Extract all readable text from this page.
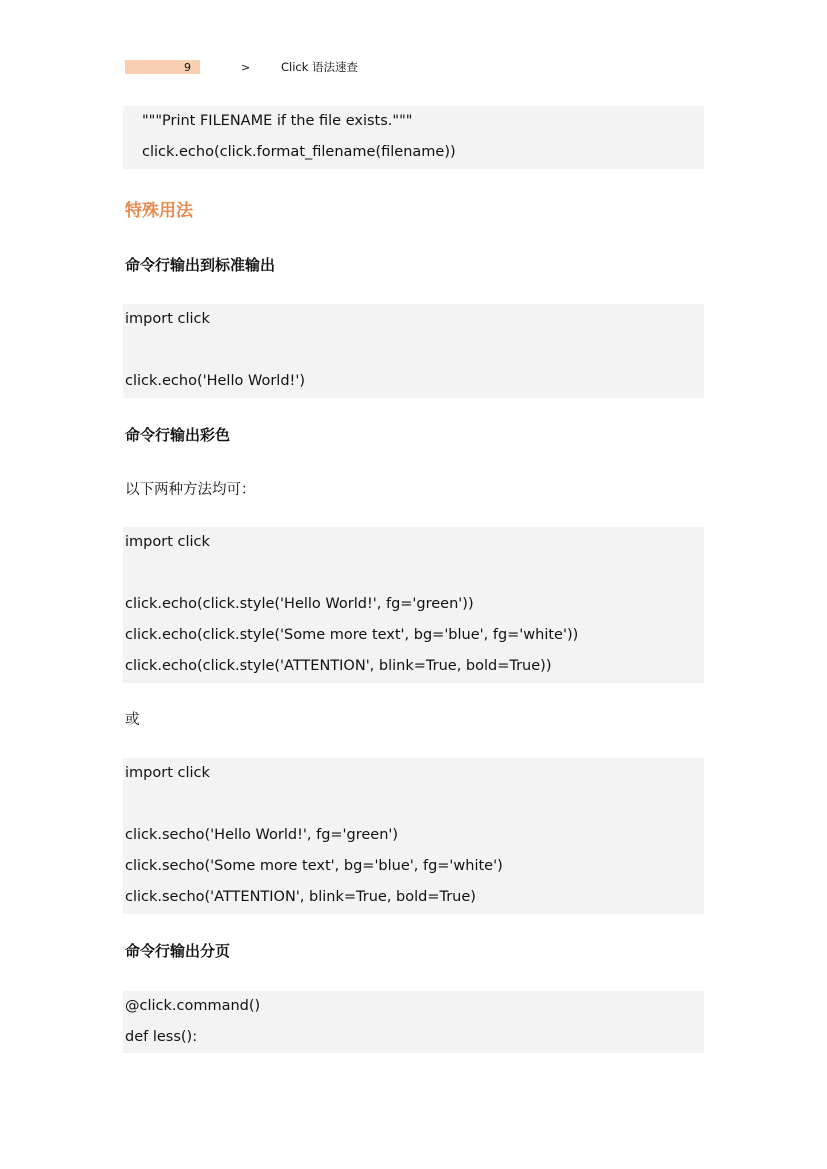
9	>	Click 语法速查
"""Print FILENAME if the file exists."""
click.echo(click.format_filename(filename))
特殊用法
命令行输出到标准输出
import click
click.echo('Hello World!')
命令行输出彩色
以下两种方法均可：
import click
click.echo(click.style('Hello World!', fg='green'))
click.echo(click.style('Some more text', bg='blue', fg='white'))
click.echo(click.style('ATTENTION', blink=True, bold=True))
或
import click
click.secho('Hello World!', fg='green')
click.secho('Some more text', bg='blue', fg='white')
click.secho('ATTENTION', blink=True, bold=True)
命令行输出分页
@click.command()
def less():
